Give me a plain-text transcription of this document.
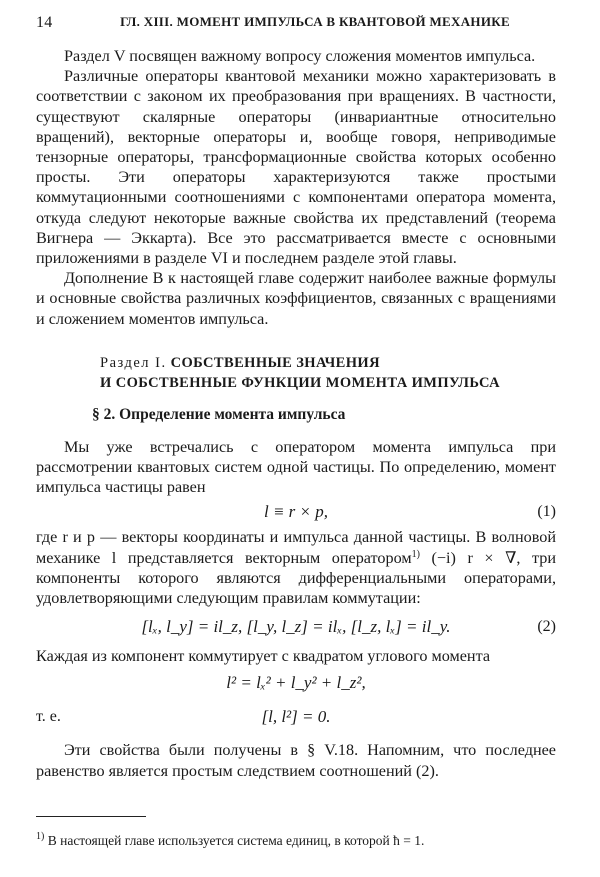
14	ГЛ. XIII. МОМЕНТ ИМПУЛЬСА В КВАНТОВОЙ МЕХАНИКЕ

Раздел V посвящен важному вопросу сложения моментов импульса.

Различные операторы квантовой механики можно характеризовать в соответствии с законом их преобразования при вращениях. В частности, существуют скалярные операторы (инвариантные относительно вращений), векторные операторы и, вообще говоря, неприводимые тензорные операторы, трансформационные свойства которых особенно просты. Эти операторы характеризуются также простыми коммутационными соотношениями с компонентами оператора момента, откуда следуют некоторые важные свойства их представлений (теорема Вигнера — Эккарта). Все это рассматривается вместе с основными приложениями в разделе VI и последнем разделе этой главы.

Дополнение B к настоящей главе содержит наиболее важные формулы и основные свойства различных коэффициентов, связанных с вращениями и сложением моментов импульса.

Раздел I. СОБСТВЕННЫЕ ЗНАЧЕНИЯ

И СОБСТВЕННЫЕ ФУНКЦИИ МОМЕНТА ИМПУЛЬСА

§ 2. Определение момента импульса

Мы уже встречались с оператором момента импульса при рассмотрении квантовых систем одной частицы. По определению, момент импульса частицы равен

l ≡ r × p,	(1)

где r и p — векторы координаты и импульса данной частицы. В волновой механике l представляется векторным оператором$^{1)}$ (−i) r × ∇, три компоненты которого являются дифференциальными операторами, удовлетворяющими следующим правилам коммутации:

[lₓ, l_y] = il_z, [l_y, l_z] = ilₓ, [l_z, lₓ] = il_y.	(2)

Каждая из компонент коммутирует с квадратом углового момента

l² = lₓ² + l_y² + l_z²,
т. е.	[l, l²] = 0.

Эти свойства были получены в § V.18. Напомним, что последнее равенство является простым следствием соотношений (2).

$^{1)}$ В настоящей главе используется система единиц, в которой ħ = 1.
